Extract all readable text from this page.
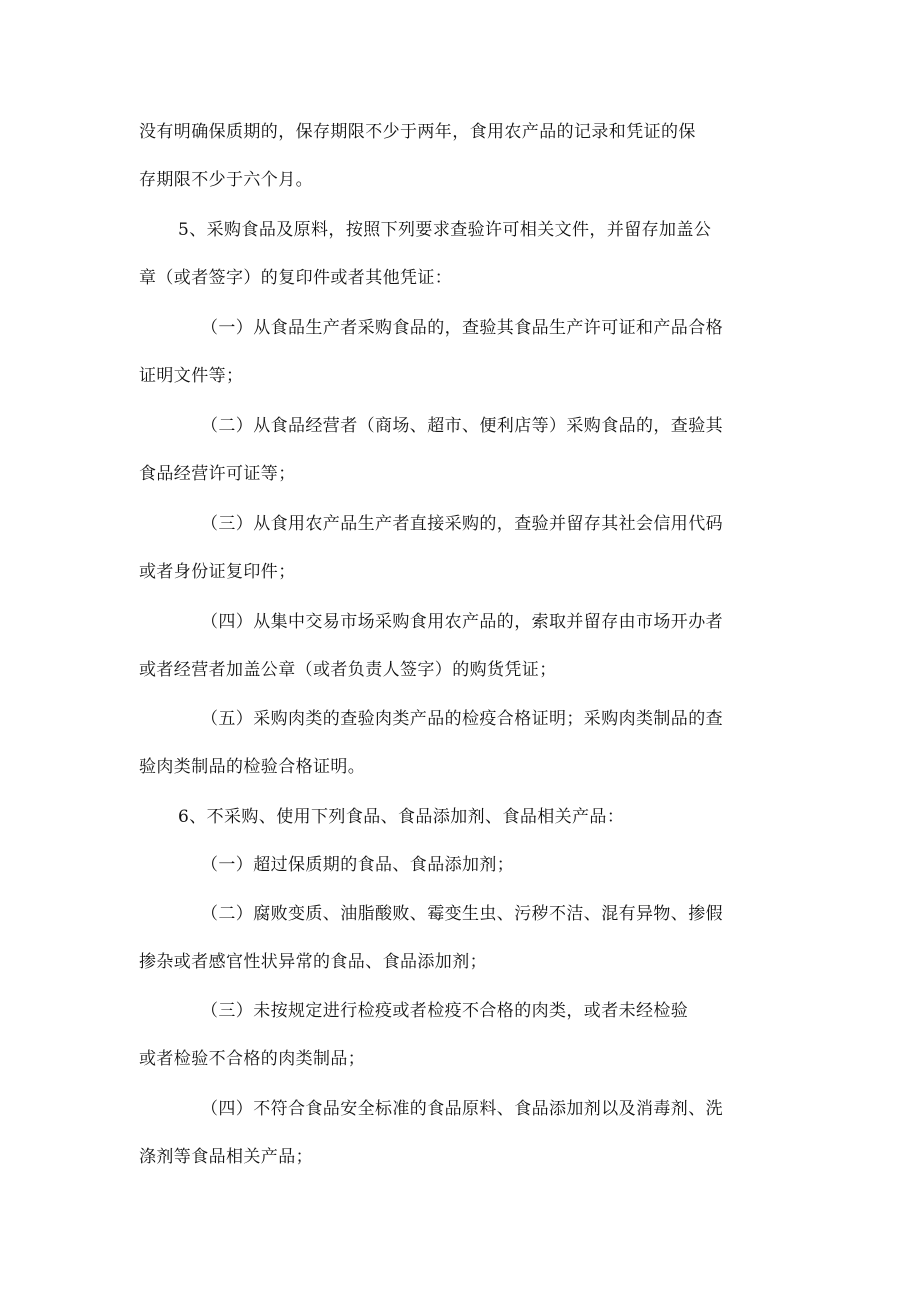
没有明确保质期的，保存期限不少于两年，食用农产品的记录和凭证的保
存期限不少于六个月。
5、采购食品及原料，按照下列要求查验许可相关文件，并留存加盖公
章（或者签字）的复印件或者其他凭证：
（一）从食品生产者采购食品的，查验其食品生产许可证和产品合格
证明文件等；
（二）从食品经营者（商场、超市、便利店等）采购食品的，查验其
食品经营许可证等；
（三）从食用农产品生产者直接采购的，查验并留存其社会信用代码
或者身份证复印件；
（四）从集中交易市场采购食用农产品的，索取并留存由市场开办者
或者经营者加盖公章（或者负责人签字）的购货凭证；
（五）采购肉类的查验肉类产品的检疫合格证明；采购肉类制品的查
验肉类制品的检验合格证明。
6、不采购、使用下列食品、食品添加剂、食品相关产品：
（一）超过保质期的食品、食品添加剂；
（二）腐败变质、油脂酸败、霉变生虫、污秽不洁、混有异物、掺假
掺杂或者感官性状异常的食品、食品添加剂；
（三）未按规定进行检疫或者检疫不合格的肉类，或者未经检验
或者检验不合格的肉类制品；
（四）不符合食品安全标准的食品原料、食品添加剂以及消毒剂、洗
涤剂等食品相关产品；
